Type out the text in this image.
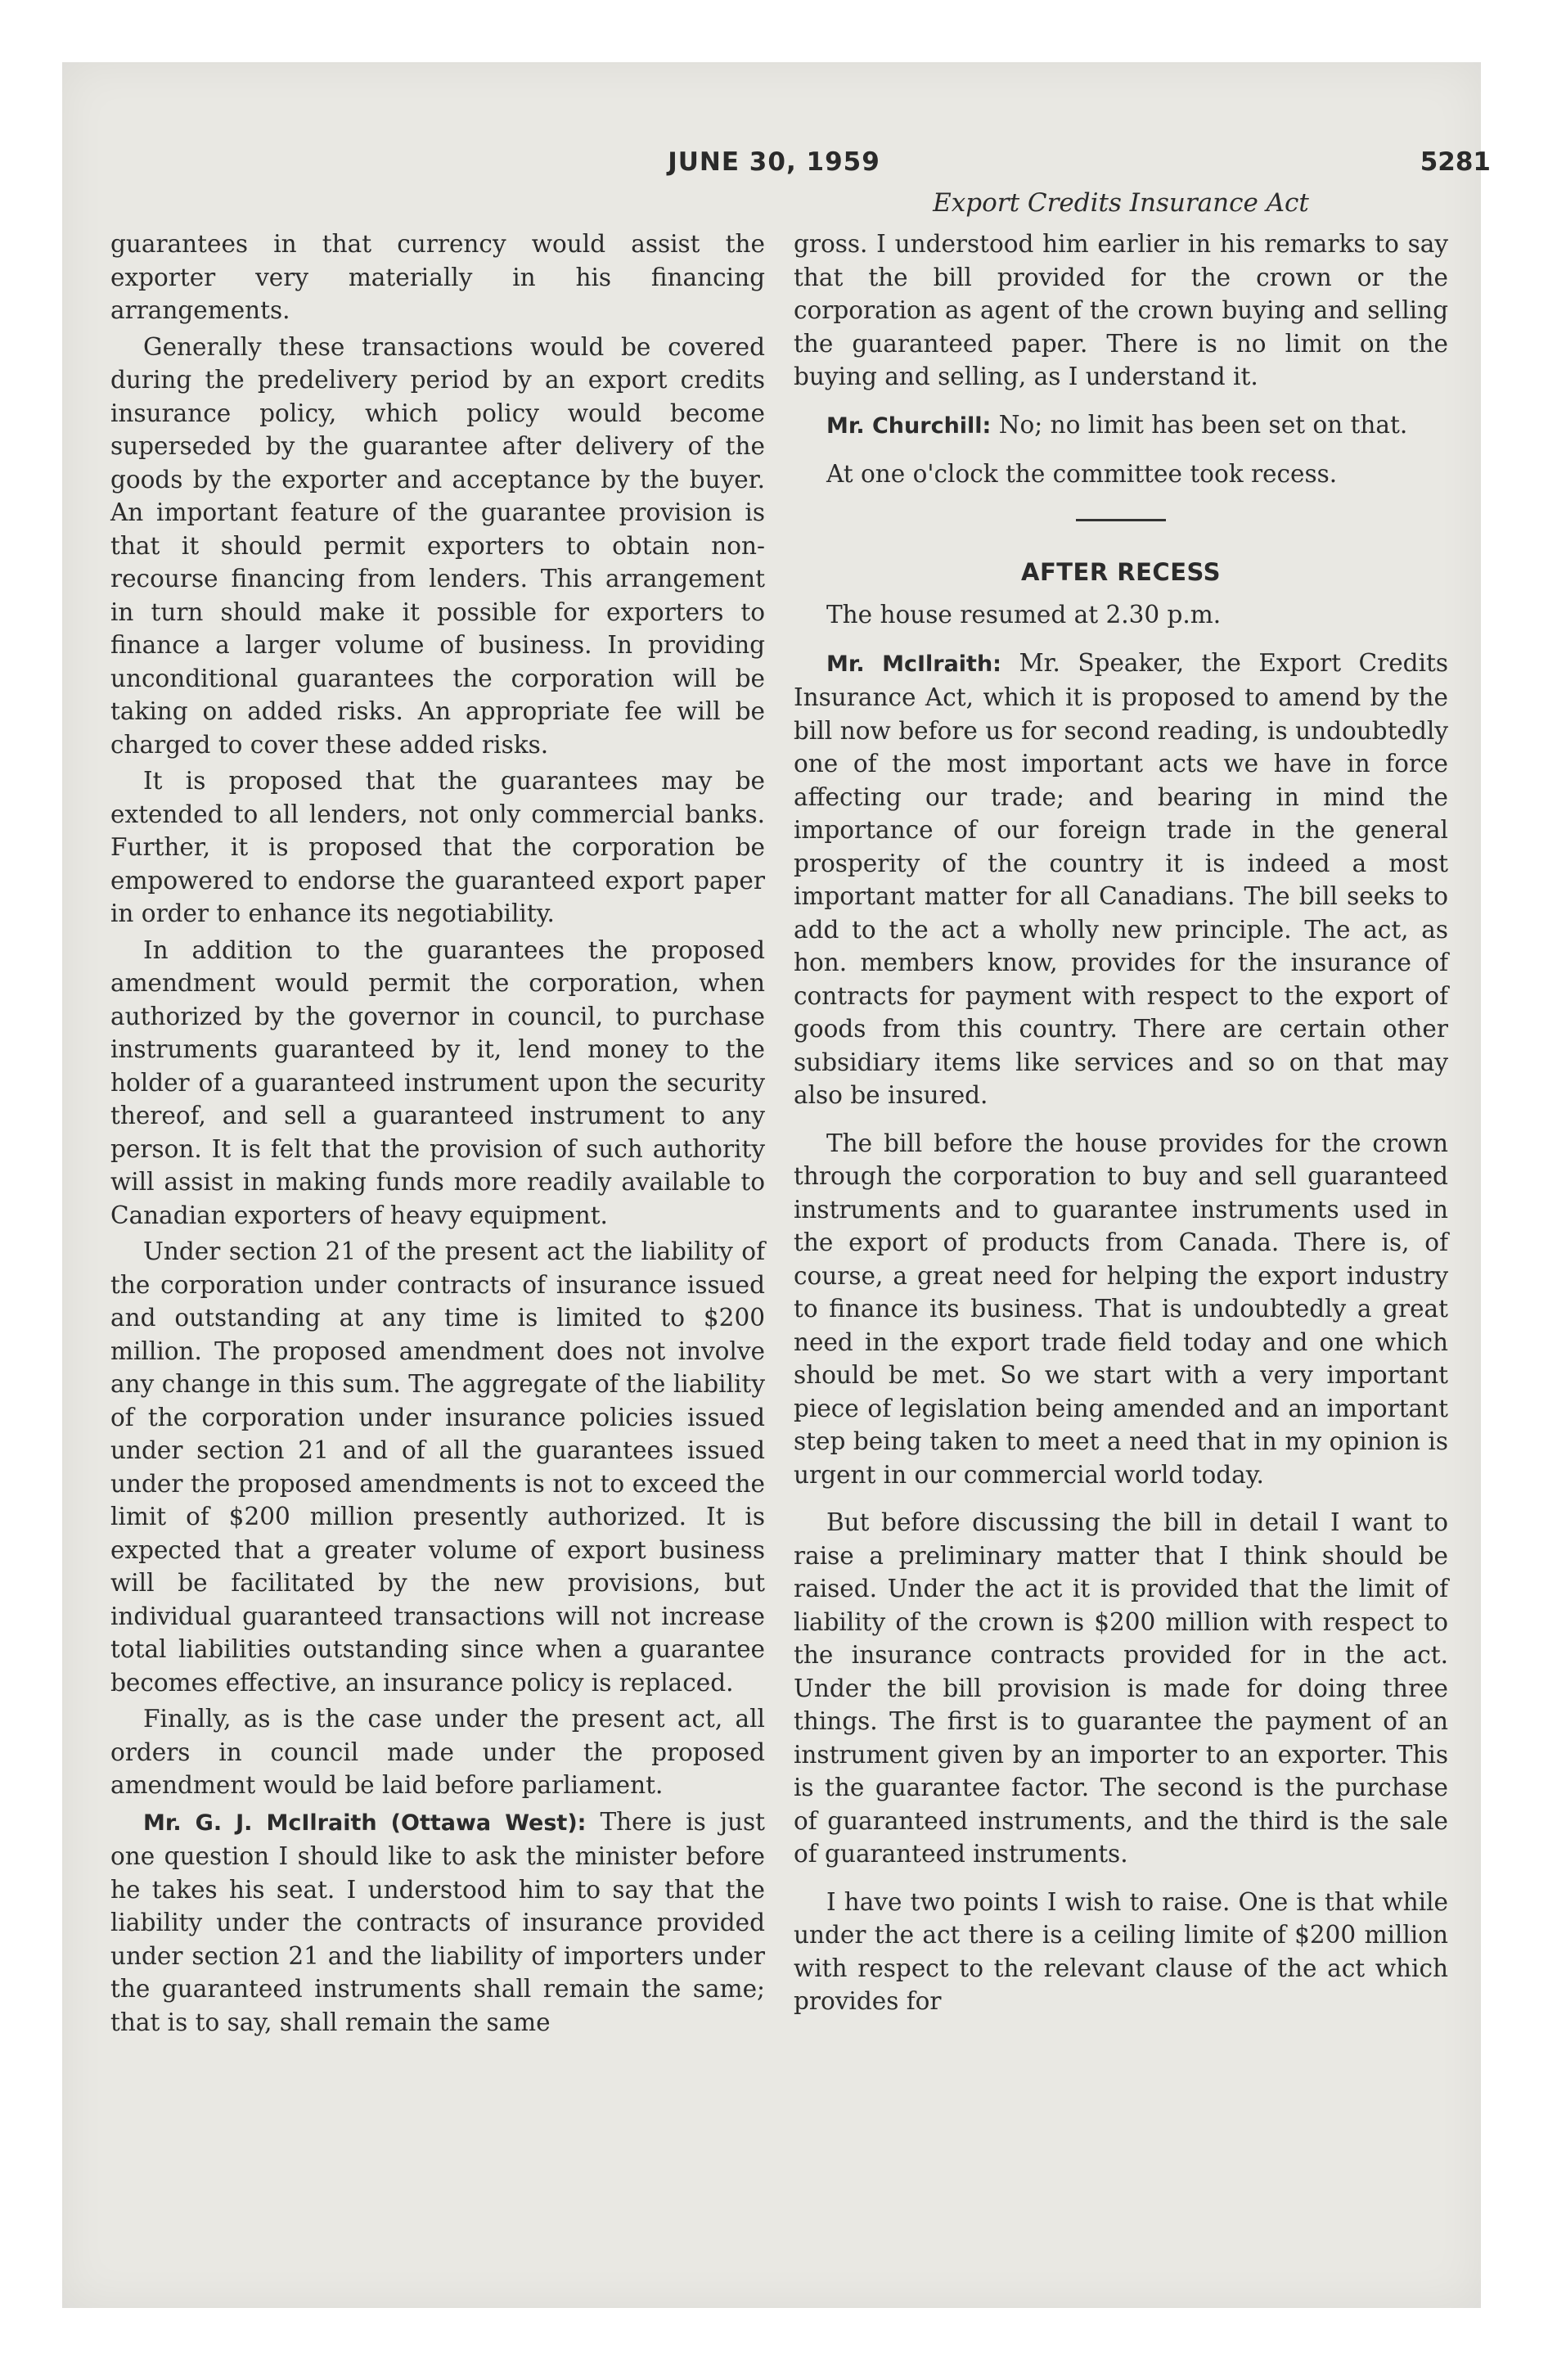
JUNE 30, 1959	5281
Export Credits Insurance Act

guarantees in that currency would assist the exporter very materially in his financing arrangements.

Generally these transactions would be covered during the predelivery period by an export credits insurance policy, which policy would become superseded by the guarantee after delivery of the goods by the exporter and acceptance by the buyer. An important feature of the guarantee provision is that it should permit exporters to obtain non-recourse financing from lenders. This arrangement in turn should make it possible for exporters to finance a larger volume of business. In providing unconditional guarantees the corporation will be taking on added risks. An appropriate fee will be charged to cover these added risks.

It is proposed that the guarantees may be extended to all lenders, not only commercial banks. Further, it is proposed that the corporation be empowered to endorse the guaranteed export paper in order to enhance its negotiability.

In addition to the guarantees the proposed amendment would permit the corporation, when authorized by the governor in council, to purchase instruments guaranteed by it, lend money to the holder of a guaranteed instrument upon the security thereof, and sell a guaranteed instrument to any person. It is felt that the provision of such authority will assist in making funds more readily available to Canadian exporters of heavy equipment.

Under section 21 of the present act the liability of the corporation under contracts of insurance issued and outstanding at any time is limited to $200 million. The proposed amendment does not involve any change in this sum. The aggregate of the liability of the corporation under insurance policies issued under section 21 and of all the guarantees issued under the proposed amendments is not to exceed the limit of $200 million presently authorized. It is expected that a greater volume of export business will be facilitated by the new provisions, but individual guaranteed transactions will not increase total liabilities outstanding since when a guarantee becomes effective, an insurance policy is replaced.

Finally, as is the case under the present act, all orders in council made under the proposed amendment would be laid before parliament.

Mr. G. J. McIlraith (Ottawa West): There is just one question I should like to ask the minister before he takes his seat. I understood him to say that the liability under the contracts of insurance provided under section 21 and the liability of importers under the guaranteed instruments shall remain the same; that is to say, shall remain the same

gross. I understood him earlier in his remarks to say that the bill provided for the crown or the corporation as agent of the crown buying and selling the guaranteed paper. There is no limit on the buying and selling, as I understand it.

Mr. Churchill: No; no limit has been set on that.

At one o'clock the committee took recess.

AFTER RECESS

The house resumed at 2.30 p.m.

Mr. McIlraith: Mr. Speaker, the Export Credits Insurance Act, which it is proposed to amend by the bill now before us for second reading, is undoubtedly one of the most important acts we have in force affecting our trade; and bearing in mind the importance of our foreign trade in the general prosperity of the country it is indeed a most important matter for all Canadians. The bill seeks to add to the act a wholly new principle. The act, as hon. members know, provides for the insurance of contracts for payment with respect to the export of goods from this country. There are certain other subsidiary items like services and so on that may also be insured.

The bill before the house provides for the crown through the corporation to buy and sell guaranteed instruments and to guarantee instruments used in the export of products from Canada. There is, of course, a great need for helping the export industry to finance its business. That is undoubtedly a great need in the export trade field today and one which should be met. So we start with a very important piece of legislation being amended and an important step being taken to meet a need that in my opinion is urgent in our commercial world today.

But before discussing the bill in detail I want to raise a preliminary matter that I think should be raised. Under the act it is provided that the limit of liability of the crown is $200 million with respect to the insurance contracts provided for in the act. Under the bill provision is made for doing three things. The first is to guarantee the payment of an instrument given by an importer to an exporter. This is the guarantee factor. The second is the purchase of guaranteed instruments, and the third is the sale of guaranteed instruments.

I have two points I wish to raise. One is that while under the act there is a ceiling limite of $200 million with respect to the relevant clause of the act which provides for
